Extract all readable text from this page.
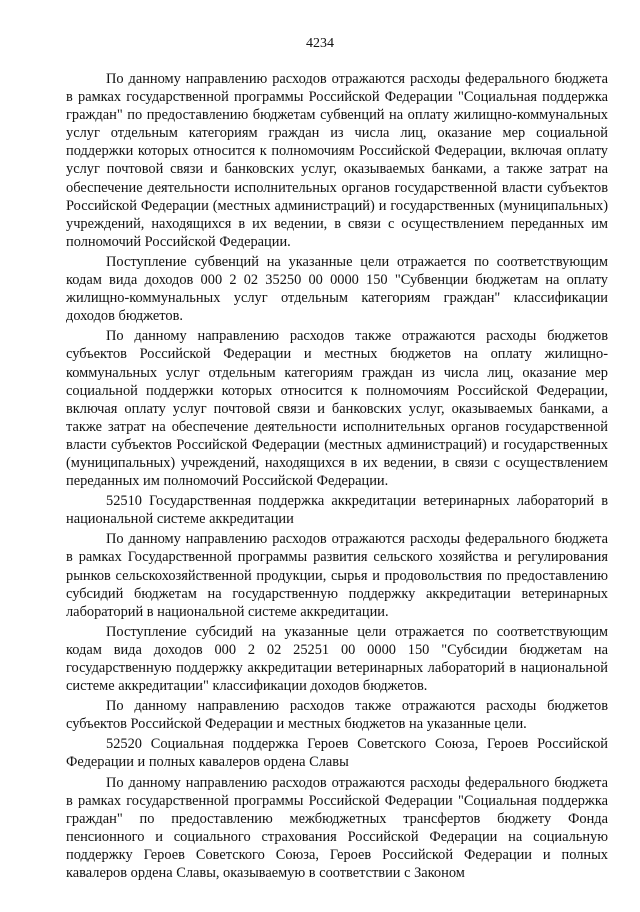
4234

По данному направлению расходов отражаются расходы федерального бюджета в рамках государственной программы Российской Федерации "Социальная поддержка граждан" по предоставлению бюджетам субвенций на оплату жилищно-коммунальных услуг отдельным категориям граждан из числа лиц, оказание мер социальной поддержки которых относится к полномочиям Российской Федерации, включая оплату услуг почтовой связи и банковских услуг, оказываемых банками, а также затрат на обеспечение деятельности исполнительных органов государственной власти субъектов Российской Федерации (местных администраций) и государственных (муниципальных) учреждений, находящихся в их ведении, в связи с осуществлением переданных им полномочий Российской Федерации.

Поступление субвенций на указанные цели отражается по соответствующим кодам вида доходов 000 2 02 35250 00 0000 150 "Субвенции бюджетам на оплату жилищно-коммунальных услуг отдельным категориям граждан" классификации доходов бюджетов.

По данному направлению расходов также отражаются расходы бюджетов субъектов Российской Федерации и местных бюджетов на оплату жилищно-коммунальных услуг отдельным категориям граждан из числа лиц, оказание мер социальной поддержки которых относится к полномочиям Российской Федерации, включая оплату услуг почтовой связи и банковских услуг, оказываемых банками, а также затрат на обеспечение деятельности исполнительных органов государственной власти субъектов Российской Федерации (местных администраций) и государственных (муниципальных) учреждений, находящихся в их ведении, в связи с осуществлением переданных им полномочий Российской Федерации.

52510 Государственная поддержка аккредитации ветеринарных лабораторий в национальной системе аккредитации

По данному направлению расходов отражаются расходы федерального бюджета в рамках Государственной программы развития сельского хозяйства и регулирования рынков сельскохозяйственной продукции, сырья и продовольствия по предоставлению субсидий бюджетам на государственную поддержку аккредитации ветеринарных лабораторий в национальной системе аккредитации.

Поступление субсидий на указанные цели отражается по соответствующим кодам вида доходов 000 2 02 25251 00 0000 150 "Субсидии бюджетам на государственную поддержку аккредитации ветеринарных лабораторий в национальной системе аккредитации" классификации доходов бюджетов.

По данному направлению расходов также отражаются расходы бюджетов субъектов Российской Федерации и местных бюджетов на указанные цели.

52520 Социальная поддержка Героев Советского Союза, Героев Российской Федерации и полных кавалеров ордена Славы

По данному направлению расходов отражаются расходы федерального бюджета в рамках государственной программы Российской Федерации "Социальная поддержка граждан" по предоставлению межбюджетных трансфертов бюджету Фонда пенсионного и социального страхования Российской Федерации на социальную поддержку Героев Советского Союза, Героев Российской Федерации и полных кавалеров ордена Славы, оказываемую в соответствии с Законом
